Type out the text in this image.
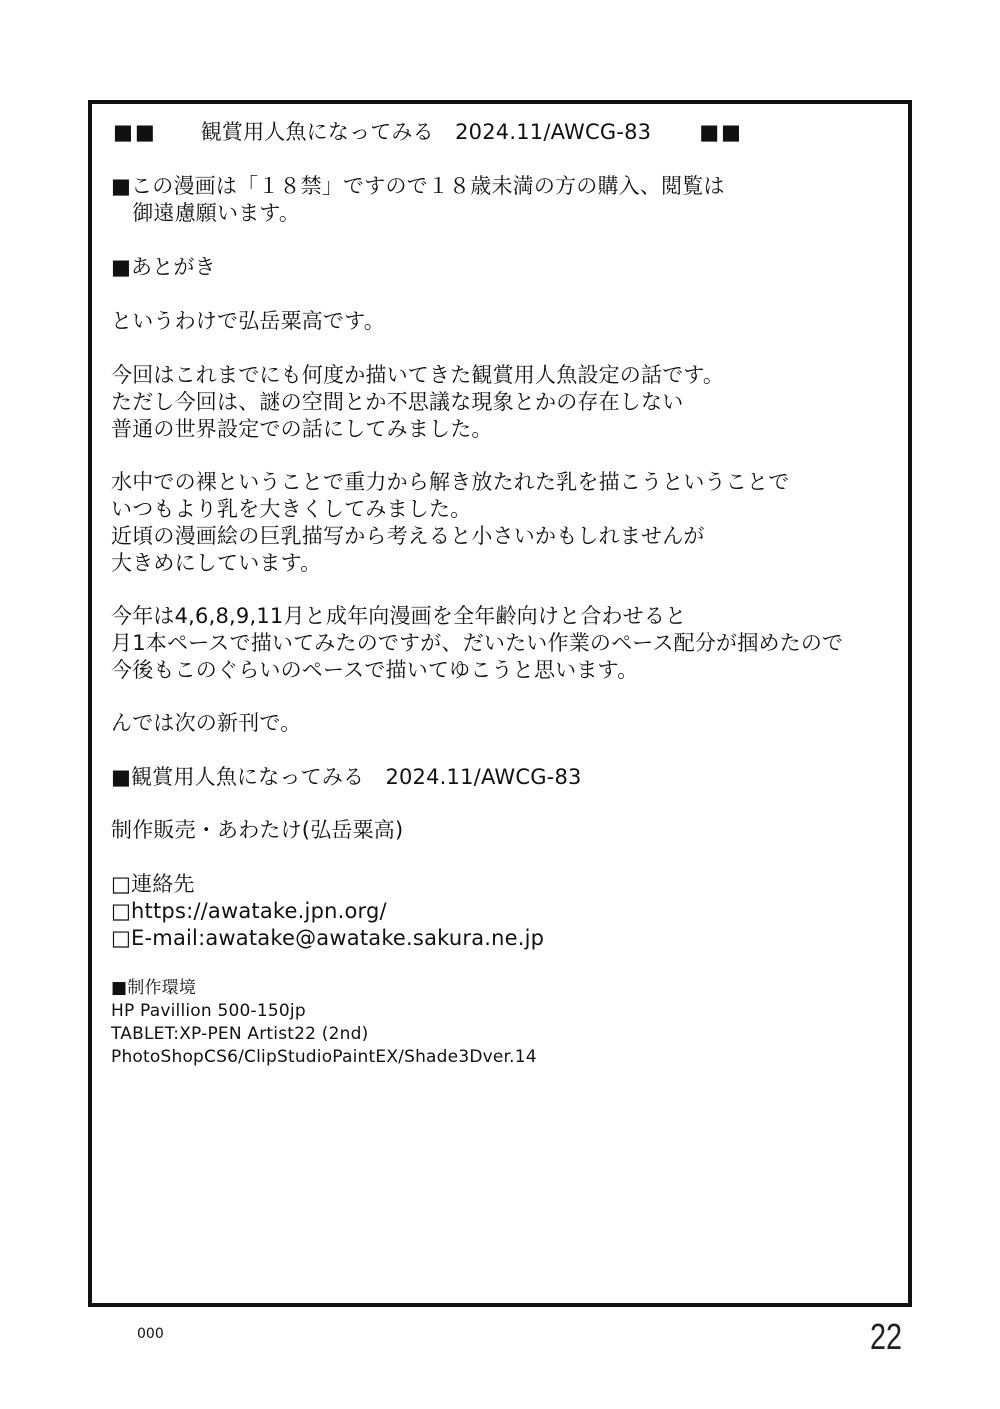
■■ 観賞用人魚になってみる　2024.11/AWCG-83 ■■
■この漫画は「１８禁」ですので１８歳未満の方の購入、閲覧は
　御遠慮願います。
■あとがき
というわけで弘岳粟高です。
今回はこれまでにも何度か描いてきた観賞用人魚設定の話です。
ただし今回は、謎の空間とか不思議な現象とかの存在しない
普通の世界設定での話にしてみました。
水中での裸ということで重力から解き放たれた乳を描こうということで
いつもより乳を大きくしてみました。
近頃の漫画絵の巨乳描写から考えると小さいかもしれませんが
大きめにしています。
今年は4,6,8,9,11月と成年向漫画を全年齢向けと合わせると
月1本ペースで描いてみたのですが、だいたい作業のペース配分が掴めたので
今後もこのぐらいのペースで描いてゆこうと思います。
んでは次の新刊で。
■観賞用人魚になってみる　2024.11/AWCG-83
制作販売・あわたけ(弘岳粟高)
□連絡先
□https://awatake.jpn.org/
□E-mail:awatake@awatake.sakura.ne.jp
■制作環境
HP Pavillion 500-150jp
TABLET:XP-PEN Artist22 (2nd)
PhotoShopCS6/ClipStudioPaintEX/Shade3Dver.14
000	22
